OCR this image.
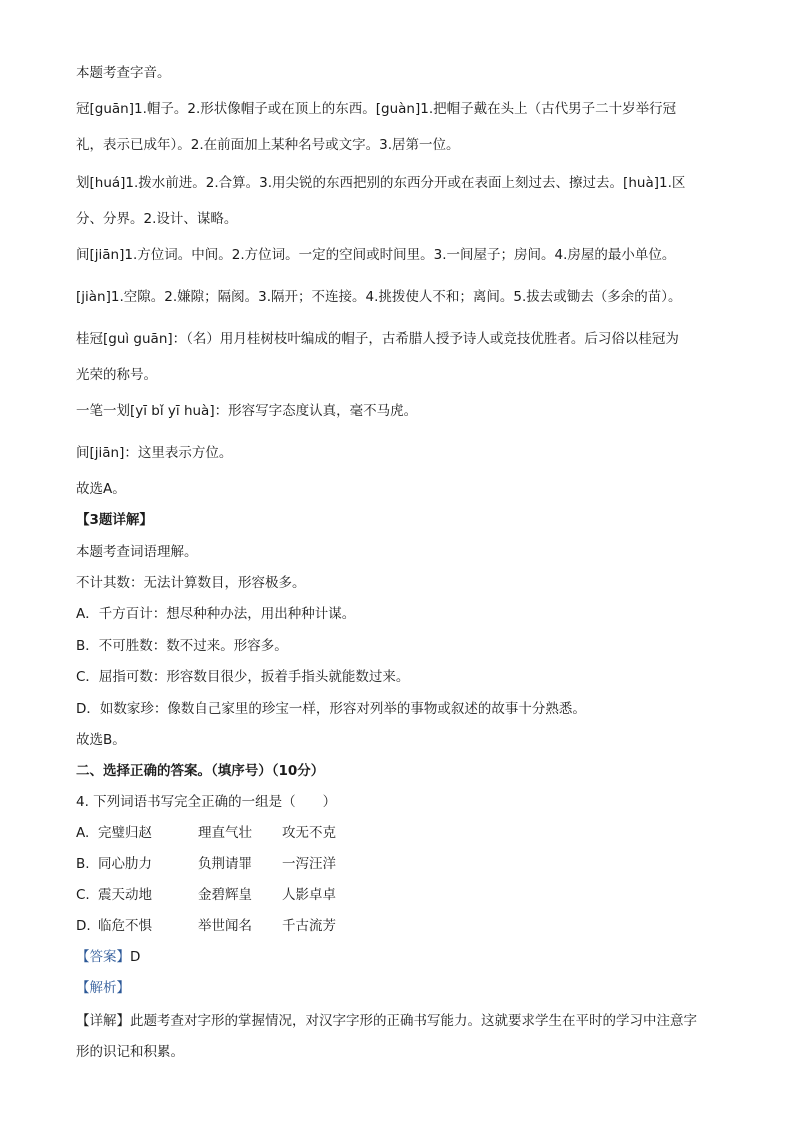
本题考查字音。
冠[guān]1.帽子。2.形状像帽子或在顶上的东西。[guàn]1.把帽子戴在头上（古代男子二十岁举行冠
礼，表示已成年）。2.在前面加上某种名号或文字。3.居第一位。
划[huá]1.拨水前进。2.合算。3.用尖锐的东西把别的东西分开或在表面上刻过去、擦过去。[huà]1.区
分、分界。2.设计、谋略。
间[jiān]1.方位词。中间。2.方位词。一定的空间或时间里。3.一间屋子；房间。4.房屋的最小单位。
[jiàn]1.空隙。2.嫌隙；隔阂。3.隔开；不连接。4.挑拨使人不和；离间。5.拔去或锄去（多余的苗）。
桂冠[guì guān]：（名）用月桂树枝叶编成的帽子，古希腊人授予诗人或竞技优胜者。后习俗以桂冠为
光荣的称号。
一笔一划[yī bǐ yī huà]：形容写字态度认真，毫不马虎。
间[jiān]：这里表示方位。
故选A。
【3题详解】
本题考查词语理解。
不计其数：无法计算数目，形容极多。
A．千方百计：想尽种种办法，用出种种计谋。
B．不可胜数：数不过来。形容多。
C．屈指可数：形容数目很少，扳着手指头就能数过来。
D．如数家珍：像数自己家里的珍宝一样，形容对列举的事物或叙述的故事十分熟悉。
故选B。
二、选择正确的答案。（填序号）（10分）
4. 下列词语书写完全正确的一组是（　　）
A. 完璧归赵	理直气壮 攻无不克
B. 同心肋力	负荆请罪 一泻汪洋
C. 震天动地	金碧辉皇 人影卓卓
D. 临危不惧	举世闻名 千古流芳
【答案】D
【解析】
【详解】此题考查对字形的掌握情况，对汉字字形的正确书写能力。这就要求学生在平时的学习中注意字
形的识记和积累。
